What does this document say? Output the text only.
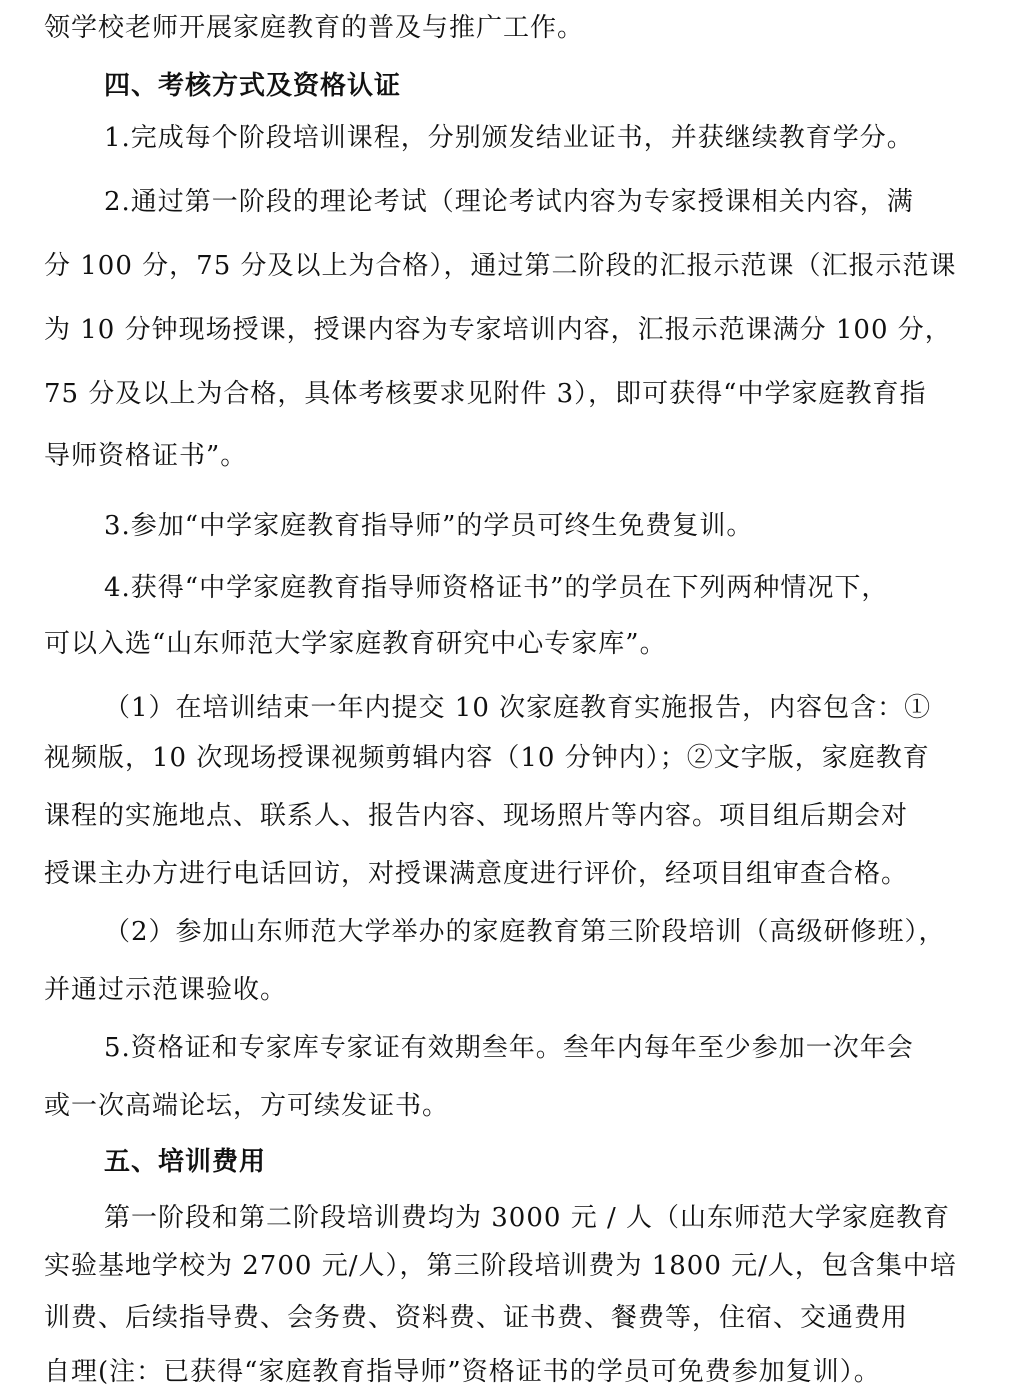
领学校老师开展家庭教育的普及与推广工作。

四、考核方式及资格认证

1.完成每个阶段培训课程，分别颁发结业证书，并获继续教育学分。

2.通过第一阶段的理论考试（理论考试内容为专家授课相关内容，满

分 100 分，75 分及以上为合格），通过第二阶段的汇报示范课（汇报示范课

为 10 分钟现场授课，授课内容为专家培训内容，汇报示范课满分 100 分，

75 分及以上为合格，具体考核要求见附件 3），即可获得“中学家庭教育指

导师资格证书”。

3.参加“中学家庭教育指导师”的学员可终生免费复训。

4.获得“中学家庭教育指导师资格证书”的学员在下列两种情况下，

可以入选“山东师范大学家庭教育研究中心专家库”。

（1）在培训结束一年内提交 10 次家庭教育实施报告，内容包含：①

视频版，10 次现场授课视频剪辑内容（10 分钟内）；②文字版，家庭教育

课程的实施地点、联系人、报告内容、现场照片等内容。项目组后期会对

授课主办方进行电话回访，对授课满意度进行评价，经项目组审查合格。

（2）参加山东师范大学举办的家庭教育第三阶段培训（高级研修班），

并通过示范课验收。

5.资格证和专家库专家证有效期叁年。叁年内每年至少参加一次年会

或一次高端论坛，方可续发证书。

五、培训费用

第一阶段和第二阶段培训费均为 3000 元 / 人（山东师范大学家庭教育

实验基地学校为 2700 元/人），第三阶段培训费为 1800 元/人，包含集中培

训费、后续指导费、会务费、资料费、证书费、餐费等，住宿、交通费用

自理(注：已获得“家庭教育指导师”资格证书的学员可免费参加复训）。
